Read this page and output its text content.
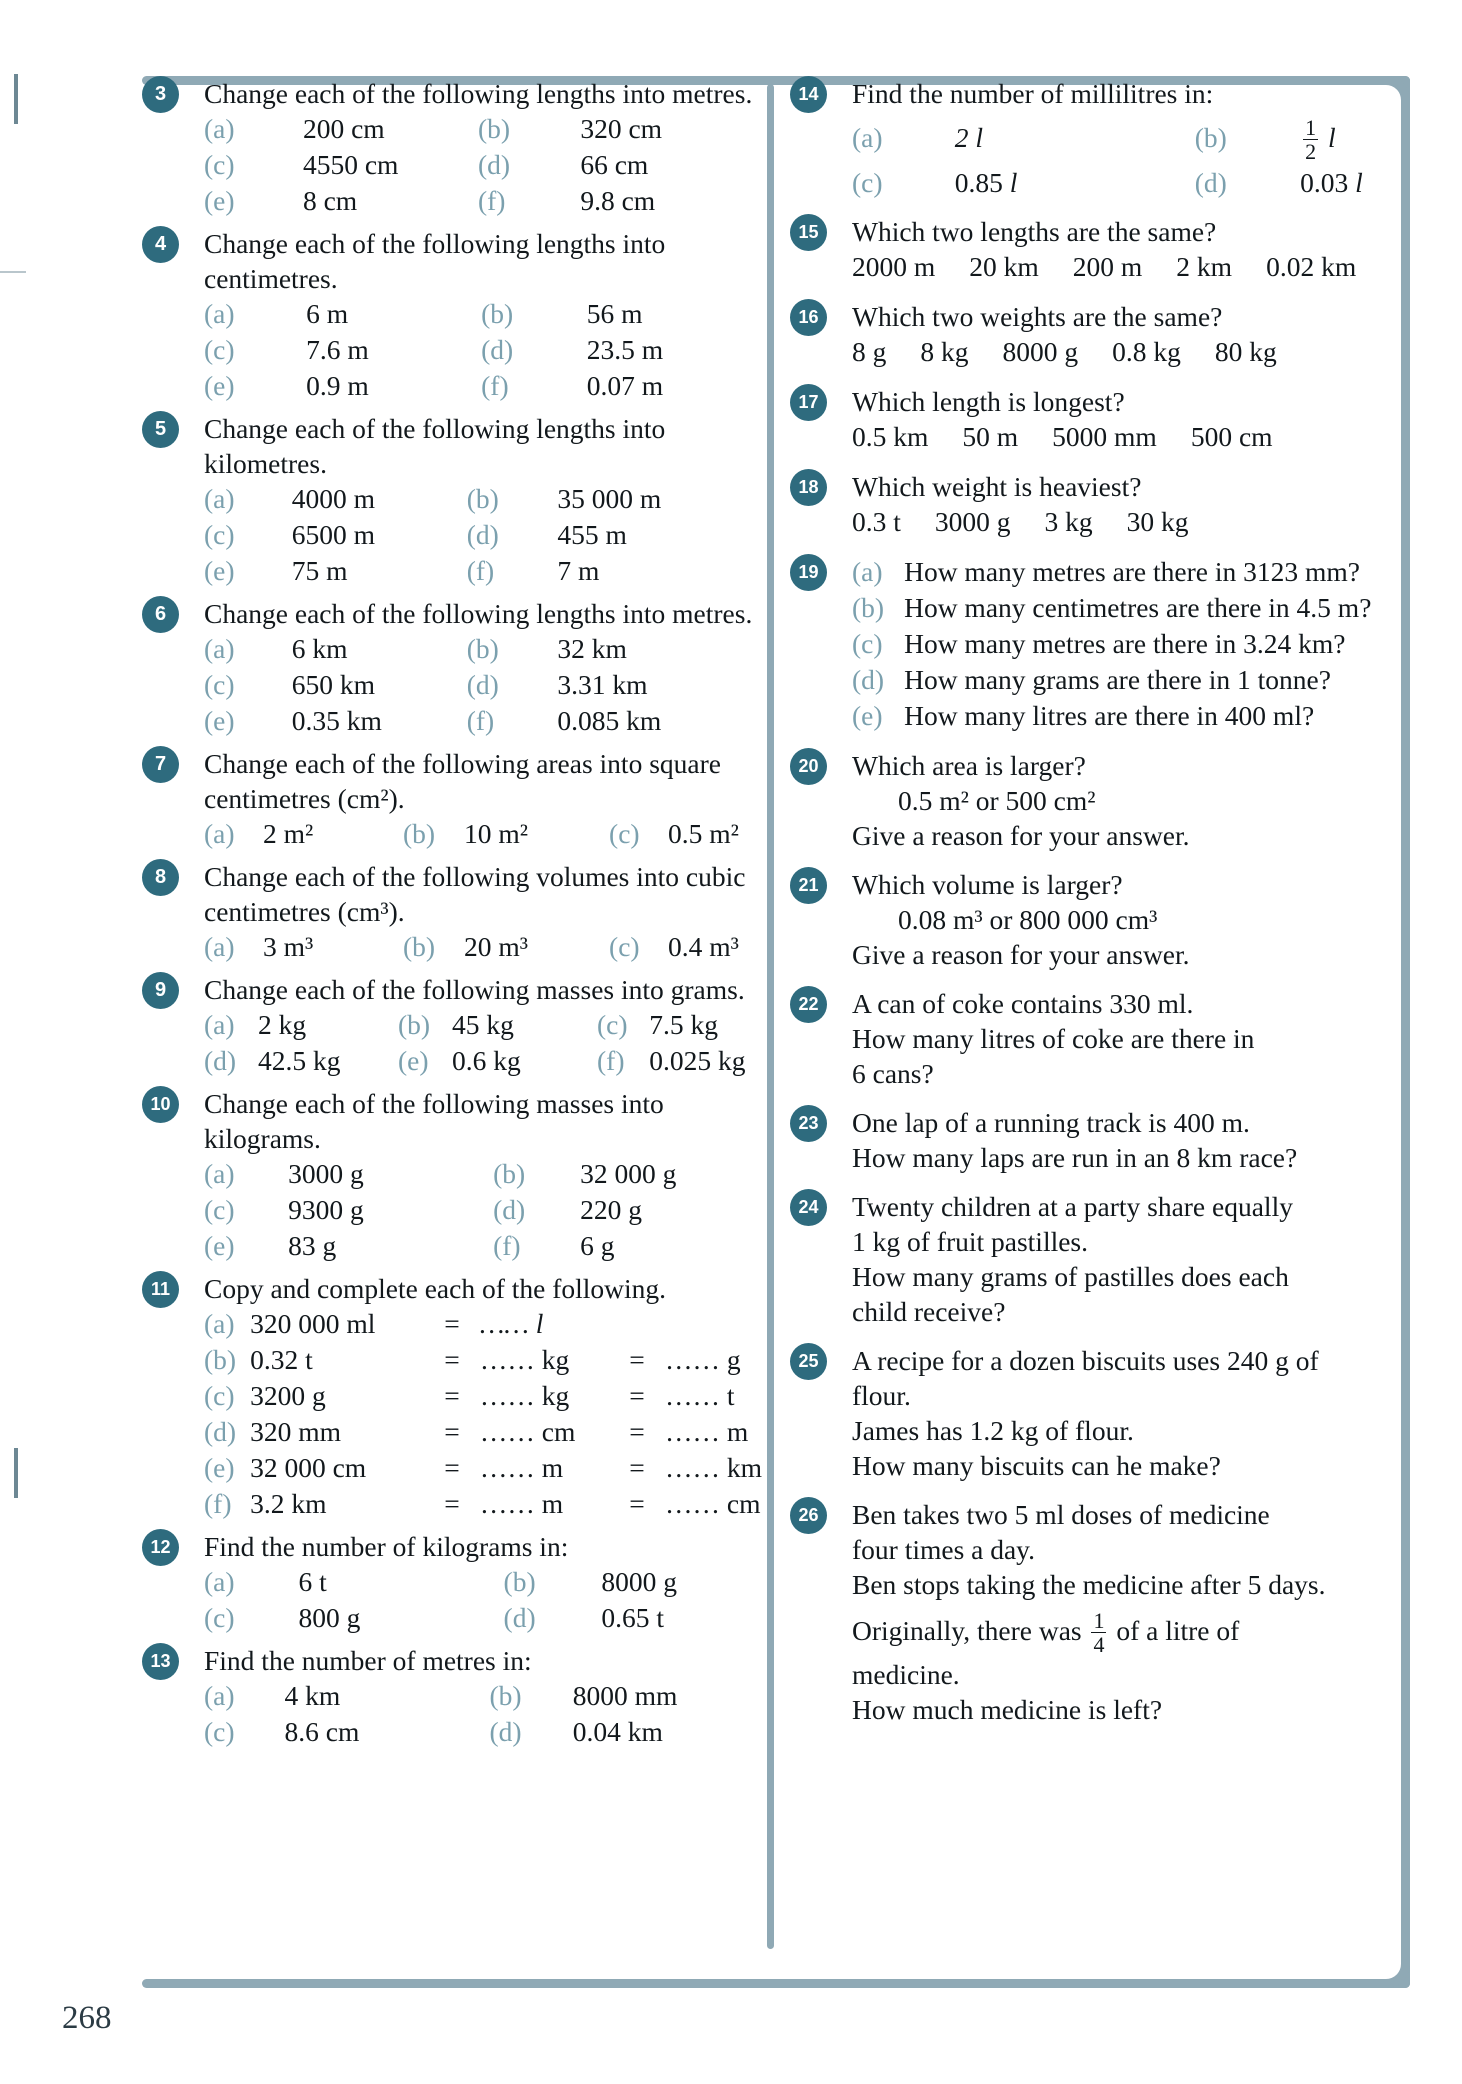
268
3	Change each of the following lengths into metres.
(a)	200 cm	(b)	320 cm
(c)	4550 cm	(d)	66 cm
(e)	8 cm	(f)	9.8 cm
4	Change each of the following lengths into centimetres.
(a)	6 m	(b)	56 m
(c)	7.6 m	(d)	23.5 m
(e)	0.9 m	(f)	0.07 m
5	Change each of the following lengths into kilometres.
(a)	4000 m	(b)	35 000 m
(c)	6500 m	(d)	455 m
(e)	75 m	(f)	7 m
6	Change each of the following lengths into metres.
(a)	6 km	(b)	32 km
(c)	650 km	(d)	3.31 km
(e)	0.35 km	(f)	0.085 km
7	Change each of the following areas into square centimetres (cm²).
(a)	2 m²	(b)	10 m²	(c)	0.5 m²
8	Change each of the following volumes into cubic centimetres (cm³).
(a)	3 m³	(b)	20 m³	(c)	0.4 m³
9	Change each of the following masses into grams.
(a)	2 kg	(b)	45 kg	(c)	7.5 kg
(d)	42.5 kg	(e)	0.6 kg	(f)	0.025 kg
10	Change each of the following masses into kilograms.
(a)	3000 g	(b)	32 000 g
(c)	9300 g	(d)	220 g
(e)	83 g	(f)	6 g
11	Copy and complete each of the following.
(a)	320 000 ml	=	…… l		
(b)	0.32 t	=	…… kg	=	…… g
(c)	3200 g	=	…… kg	=	…… t
(d)	320 mm	=	…… cm	=	…… m
(e)	32 000 cm	=	…… m	=	…… km
(f)	3.2 km	=	…… m	=	…… cm
12	Find the number of kilograms in:
(a)	6 t	(b)	8000 g
(c)	800 g	(d)	0.65 t
13	Find the number of metres in:
(a)	4 km	(b)	8000 mm
(c)	8.6 cm	(d)	0.04 km
14	Find the number of millilitres in:
(a)	2 l	(b)	$\frac{1}{2}$ l
(c)	0.85 l	(d)	0.03 l
15	Which two lengths are the same?
2000 m 20 km 200 m 2 km 0.02 km
16	Which two weights are the same?
8 g 8 kg 8000 g 0.8 kg 80 kg
17	Which length is longest?
0.5 km 50 m 5000 mm 500 cm
18	Which weight is heaviest?
0.3 t 3000 g 3 kg 30 kg
19	(a)	How many metres are there in 3123 mm?
(b)	How many centimetres are there in 4.5 m?
(c)	How many metres are there in 3.24 km?
(d)	How many grams are there in 1 tonne?
(e)	How many litres are there in 400 ml?
20	Which area is larger?
0.5 m² or 500 cm²
Give a reason for your answer.
21	Which volume is larger?
0.08 m³ or 800 000 cm³
Give a reason for your answer.
22	A can of coke contains 330 ml.
How many litres of coke are there in
6 cans?
23	One lap of a running track is 400 m.
How many laps are run in an 8 km race?
24	Twenty children at a party share equally
1 kg of fruit pastilles.
How many grams of pastilles does each
child receive?
25	A recipe for a dozen biscuits uses 240 g of
flour.
James has 1.2 kg of flour.
How many biscuits can he make?
26	Ben takes two 5 ml doses of medicine
four times a day.
Ben stops taking the medicine after 5 days.
Originally, there was $\frac{1}{4}$ of a litre of
medicine.
How much medicine is left?
